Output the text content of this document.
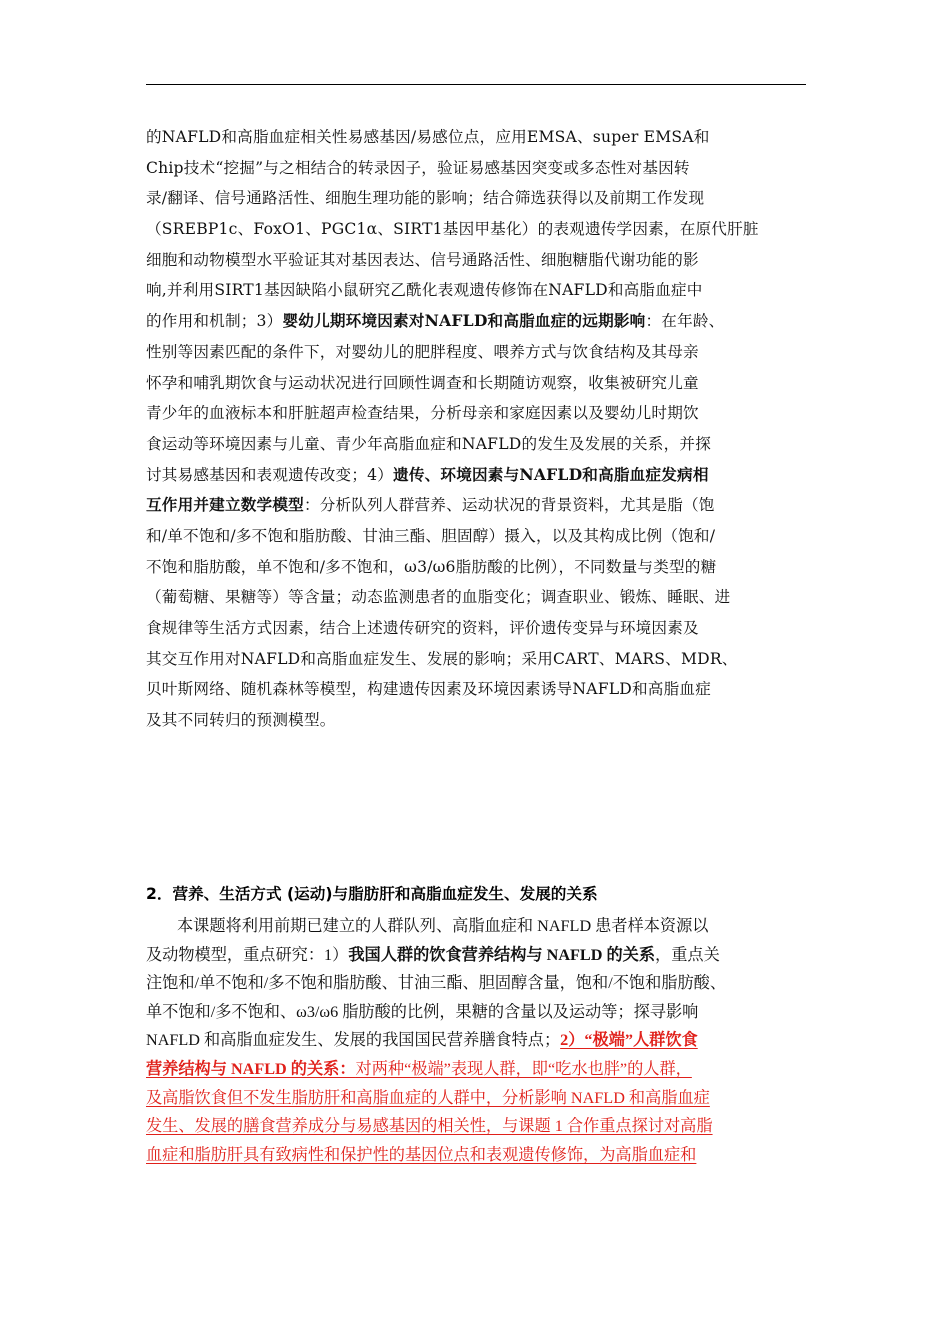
的NAFLD和高脂血症相关性易感基因/易感位点，应用EMSA、super EMSA和
Chip技术“挖掘”与之相结合的转录因子，验证易感基因突变或多态性对基因转
录/翻译、信号通路活性、细胞生理功能的影响；结合筛选获得以及前期工作发现
（SREBP1c、FoxO1、PGC1α、SIRT1基因甲基化）的表观遗传学因素，在原代肝脏
细胞和动物模型水平验证其对基因表达、信号通路活性、细胞糖脂代谢功能的影
响,并利用SIRT1基因缺陷小鼠研究乙酰化表观遗传修饰在NAFLD和高脂血症中
的作用和机制；3）婴幼儿期环境因素对NAFLD和高脂血症的远期影响：在年龄、
性别等因素匹配的条件下，对婴幼儿的肥胖程度、喂养方式与饮食结构及其母亲
怀孕和哺乳期饮食与运动状况进行回顾性调查和长期随访观察，收集被研究儿童
青少年的血液标本和肝脏超声检查结果，分析母亲和家庭因素以及婴幼儿时期饮
食运动等环境因素与儿童、青少年高脂血症和NAFLD的发生及发展的关系，并探
讨其易感基因和表观遗传改变；4）遗传、环境因素与NAFLD和高脂血症发病相
互作用并建立数学模型：分析队列人群营养、运动状况的背景资料，尤其是脂（饱
和/单不饱和/多不饱和脂肪酸、甘油三酯、胆固醇）摄入，以及其构成比例（饱和/
不饱和脂肪酸，单不饱和/多不饱和，ω3/ω6脂肪酸的比例），不同数量与类型的糖
（葡萄糖、果糖等）等含量；动态监测患者的血脂变化；调查职业、锻炼、睡眠、进
食规律等生活方式因素，结合上述遗传研究的资料，评价遗传变异与环境因素及
其交互作用对NAFLD和高脂血症发生、发展的影响；采用CART、MARS、MDR、
贝叶斯网络、随机森林等模型，构建遗传因素及环境因素诱导NAFLD和高脂血症
及其不同转归的预测模型。
2．营养、生活方式 (运动)与脂肪肝和高脂血症发生、发展的关系
本课题将利用前期已建立的人群队列、高脂血症和 NAFLD 患者样本资源以
及动物模型，重点研究：1）我国人群的饮食营养结构与 NAFLD 的关系，重点关
注饱和/单不饱和/多不饱和脂肪酸、甘油三酯、胆固醇含量，饱和/不饱和脂肪酸、
单不饱和/多不饱和、ω3/ω6 脂肪酸的比例，果糖的含量以及运动等；探寻影响
NAFLD 和高脂血症发生、发展的我国国民营养膳食特点；2）“极端”人群饮食
营养结构与 NAFLD 的关系：对两种“极端”表现人群，即“吃水也胖”的人群，
及高脂饮食但不发生脂肪肝和高脂血症的人群中，分析影响 NAFLD 和高脂血症
发生、发展的膳食营养成分与易感基因的相关性，与课题 1 合作重点探讨对高脂
血症和脂肪肝具有致病性和保护性的基因位点和表观遗传修饰，为高脂血症和
